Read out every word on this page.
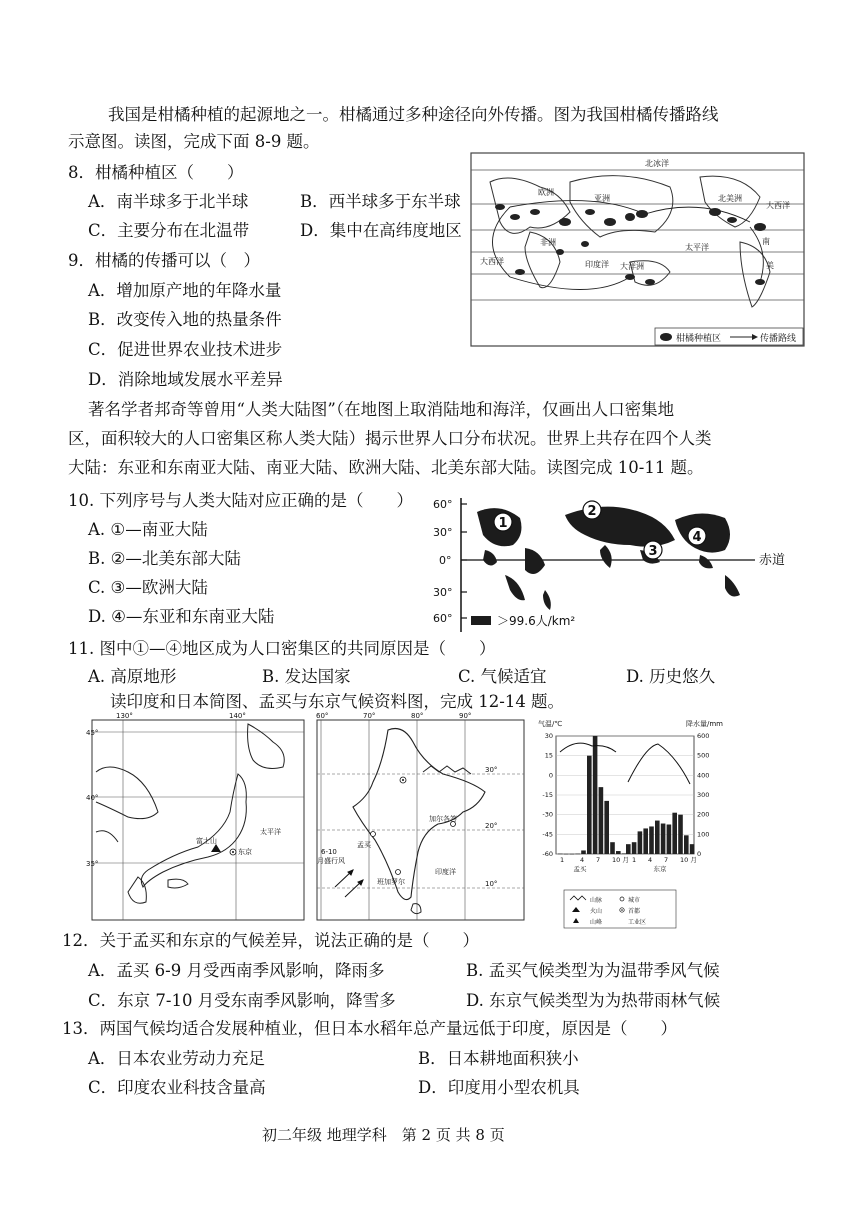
我国是柑橘种植的起源地之一。柑橘通过多种途径向外传播。图为我国柑橘传播路线
示意图。读图，完成下面 8-9 题。
8．柑橘种植区（　　）
A．南半球多于北半球	B．西半球多于东半球
C．主要分布在北温带	D．集中在高纬度地区
9．柑橘的传播可以（　）
A．增加原产地的年降水量
B．改变传入地的热量条件
C．促进世界农业技术进步
D．消除地域发展水平差异
北冰洋
欧洲
亚洲	北美洲
大西洋
非洲
太平洋
印度洋
大西洋
大洋洲
南
美
柑橘种植区	传播路线
著名学者邦奇等曾用“人类大陆图”（在地图上取消陆地和海洋，仅画出人口密集地
区，面积较大的人口密集区称人类大陆）揭示世界人口分布状况。世界上共存在四个人类
大陆：东亚和东南亚大陆、南亚大陆、欧洲大陆、北美东部大陆。读图完成 10-11 题。
10. 下列序号与人类大陆对应正确的是（　　）
A. ①—南亚大陆
B. ②—北美东部大陆
C. ③—欧洲大陆
D. ④—东亚和东南亚大陆
60°
30°
0°
30°
60°
赤道
1
2
3
4
＞99.6人/km²
11. 图中①—④地区成为人口密集区的共同原因是（　　）
A. 高原地形	B. 发达国家	C. 气候适宜	D. 历史悠久
读印度和日本简图、孟买与东京气候资料图，完成 12-14 题。
130°	140°
45°
40°
35°
富士山
东京
太平洋
60°	70°	80°	90°
30°
20°
10°
加尔各答
孟买
班加罗尔
印度洋
6-10
月盛行风
气温/℃	降水量/mm
30	600
15	500
0	400
-15	300
-30	200
-45	100
-60	0
1 4 7 10 月 1 4 7 10 月
孟买	东京
山脉	城市
火山	首都
山峰	工业区
12．关于孟买和东京的气候差异，说法正确的是（　　）
A．孟买 6-9 月受西南季风影响，降雨多	B. 孟买气候类型为为温带季风气候
C．东京 7-10 月受东南季风影响，降雪多	D. 东京气候类型为为热带雨林气候
13．两国气候均适合发展种植业，但日本水稻年总产量远低于印度，原因是（　　）
A．日本农业劳动力充足	B．日本耕地面积狭小
C．印度农业科技含量高	D．印度用小型农机具
初二年级 地理学科　第 2 页 共 8 页
